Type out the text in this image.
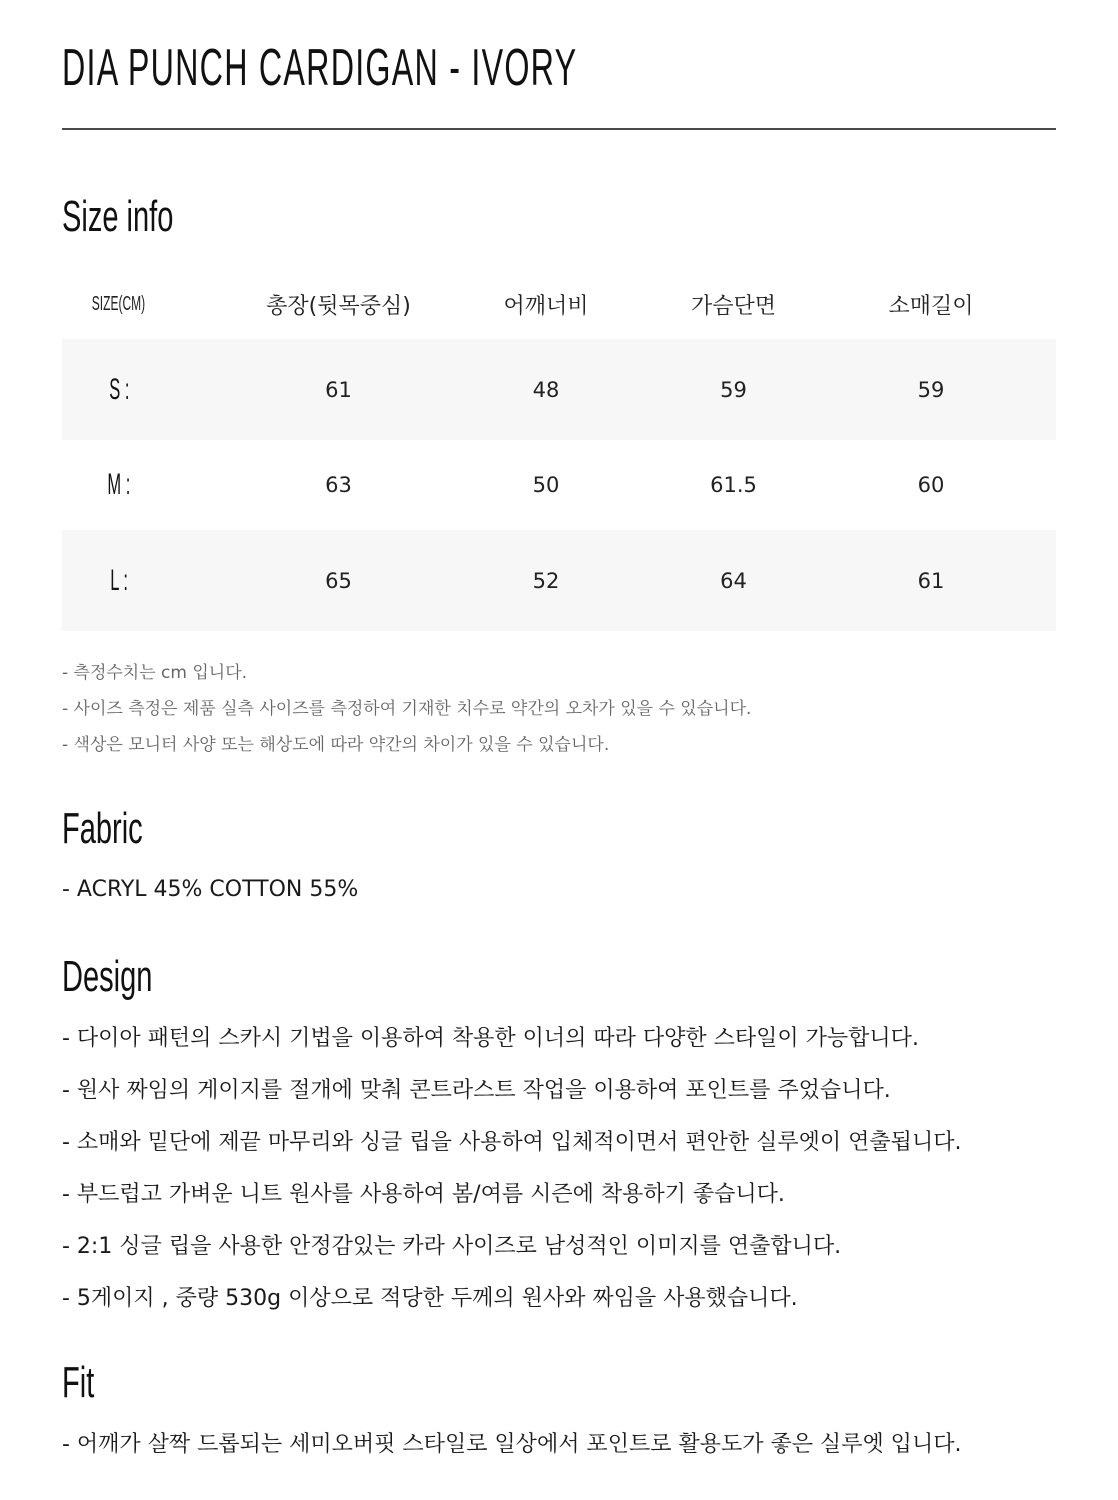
DIA PUNCH CARDIGAN - IVORY
Size info
SIZE(CM)	총장(뒷목중심)	어깨너비	가슴단면	소매길이
S :	61	48	59	59
M :	63	50	61.5	60
L :	65	52	64	61
- 측정수치는 cm 입니다.
- 사이즈 측정은 제품 실측 사이즈를 측정하여 기재한 치수로 약간의 오차가 있을 수 있습니다.
- 색상은 모니터 사양 또는 해상도에 따라 약간의 차이가 있을 수 있습니다.
Fabric
- ACRYL 45% COTTON 55%
Design
- 다이아 패턴의 스카시 기법을 이용하여 착용한 이너의 따라 다양한 스타일이 가능합니다.
- 원사 짜임의 게이지를 절개에 맞춰 콘트라스트 작업을 이용하여 포인트를 주었습니다.
- 소매와 밑단에 제끝 마무리와 싱글 립을 사용하여 입체적이면서 편안한 실루엣이 연출됩니다.
- 부드럽고 가벼운 니트 원사를 사용하여 봄/여름 시즌에 착용하기 좋습니다.
- 2:1 싱글 립을 사용한 안정감있는 카라 사이즈로 남성적인 이미지를 연출합니다.
- 5게이지 , 중량 530g 이상으로 적당한 두께의 원사와 짜임을 사용했습니다.
Fit
- 어깨가 살짝 드롭되는 세미오버핏 스타일로 일상에서 포인트로 활용도가 좋은 실루엣 입니다.
